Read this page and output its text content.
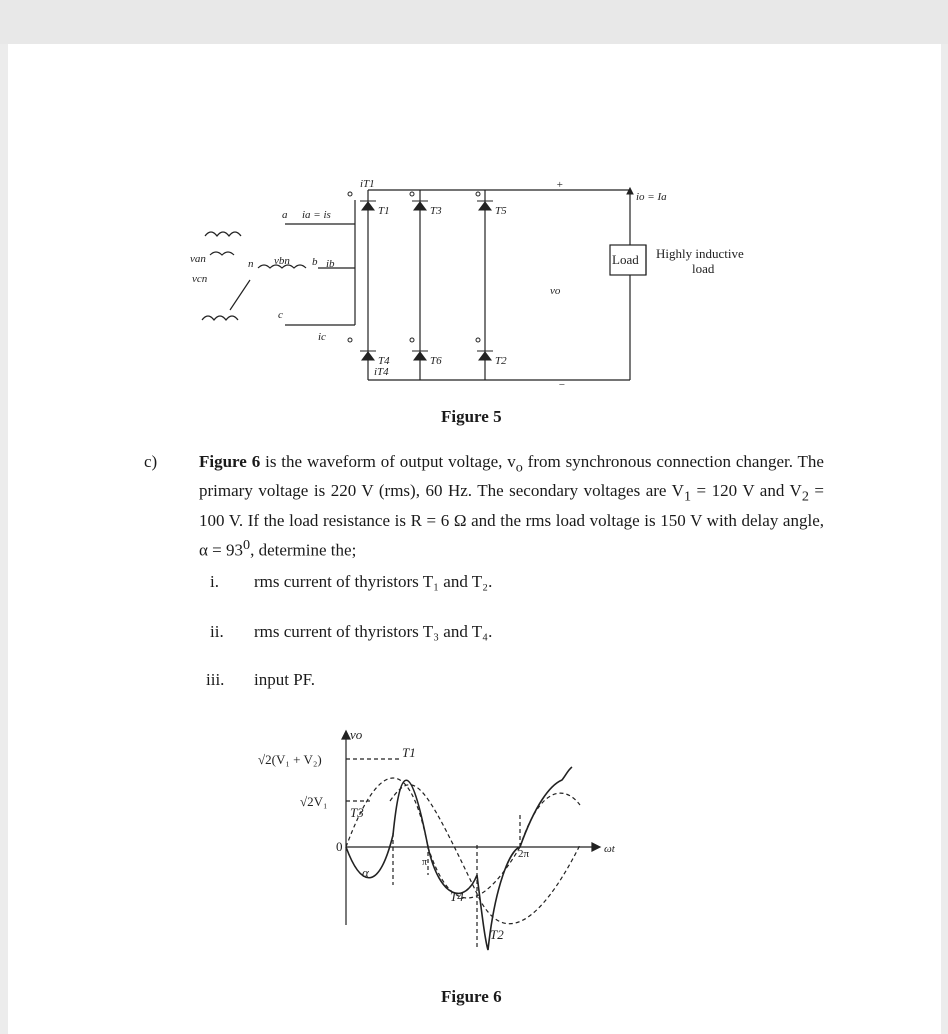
a ia = is
van
vcn
n vbn b ib
c
ic
iT1
iT4
T1	T3	T5
T4	T6	T2
vo
+
−
io = Ia
Load Highly inductive
load
Figure 5
c) Figure 6 is the waveform of output voltage, $v_o$ from synchronous connection changer. The primary voltage is 220 V (rms), 60 Hz. The secondary voltages are $V_1 = 120$ V and $V_2 = 100$ V. If the load resistance is R = 6 Ω and the rms load voltage is 150 V with delay angle, $\alpha = 93^0$, determine the;
i.	rms current of thyristors T₁ and T₂.
ii.	rms current of thyristors T₃ and T₄.
iii.	input PF.
vo
√2(V₁ + V₂)
√2V₁
0
α
π
2π	ωt
T1
T3
T4
T2
Figure 6
